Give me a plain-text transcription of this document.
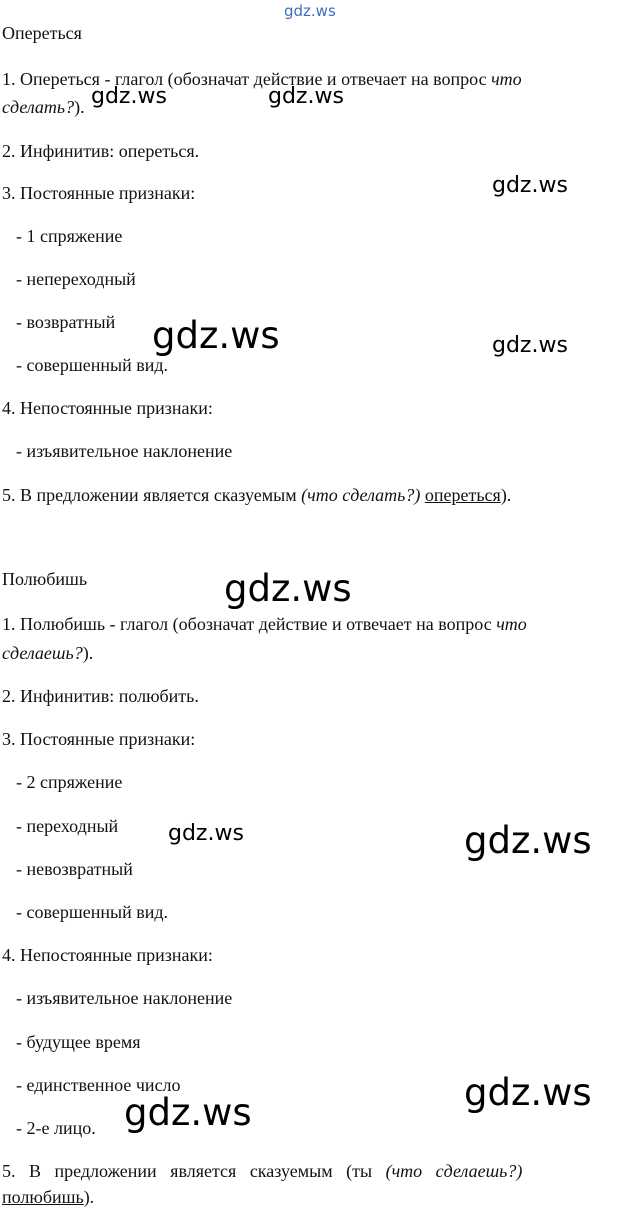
gdz.ws
gdz.ws	gdz.ws
gdz.ws
gdz.ws	gdz.ws
gdz.ws
gdz.ws	gdz.ws
gdz.ws
gdz.ws
Опереться
1. Опереться - глагол (обозначат действие и отвечает на вопрос что
сделать?).
2. Инфинитив: опереться.
3. Постоянные признаки:
- 1 спряжение
- непереходный
- возвратный
- совершенный вид.
4. Непостоянные признаки:
- изъявительное наклонение
5. В предложении является сказуемым (что сделать?) опереться).
Полюбишь
1. Полюбишь - глагол (обозначат действие и отвечает на вопрос что
сделаешь?).
2. Инфинитив: полюбить.
3. Постоянные признаки:
- 2 спряжение
- переходный
- невозвратный
- совершенный вид.
4. Непостоянные признаки:
- изъявительное наклонение
- будущее время
- единственное число
- 2-е лицо.
5. В предложении является сказуемым (ты (что сделаешь?)
полюбишь).
